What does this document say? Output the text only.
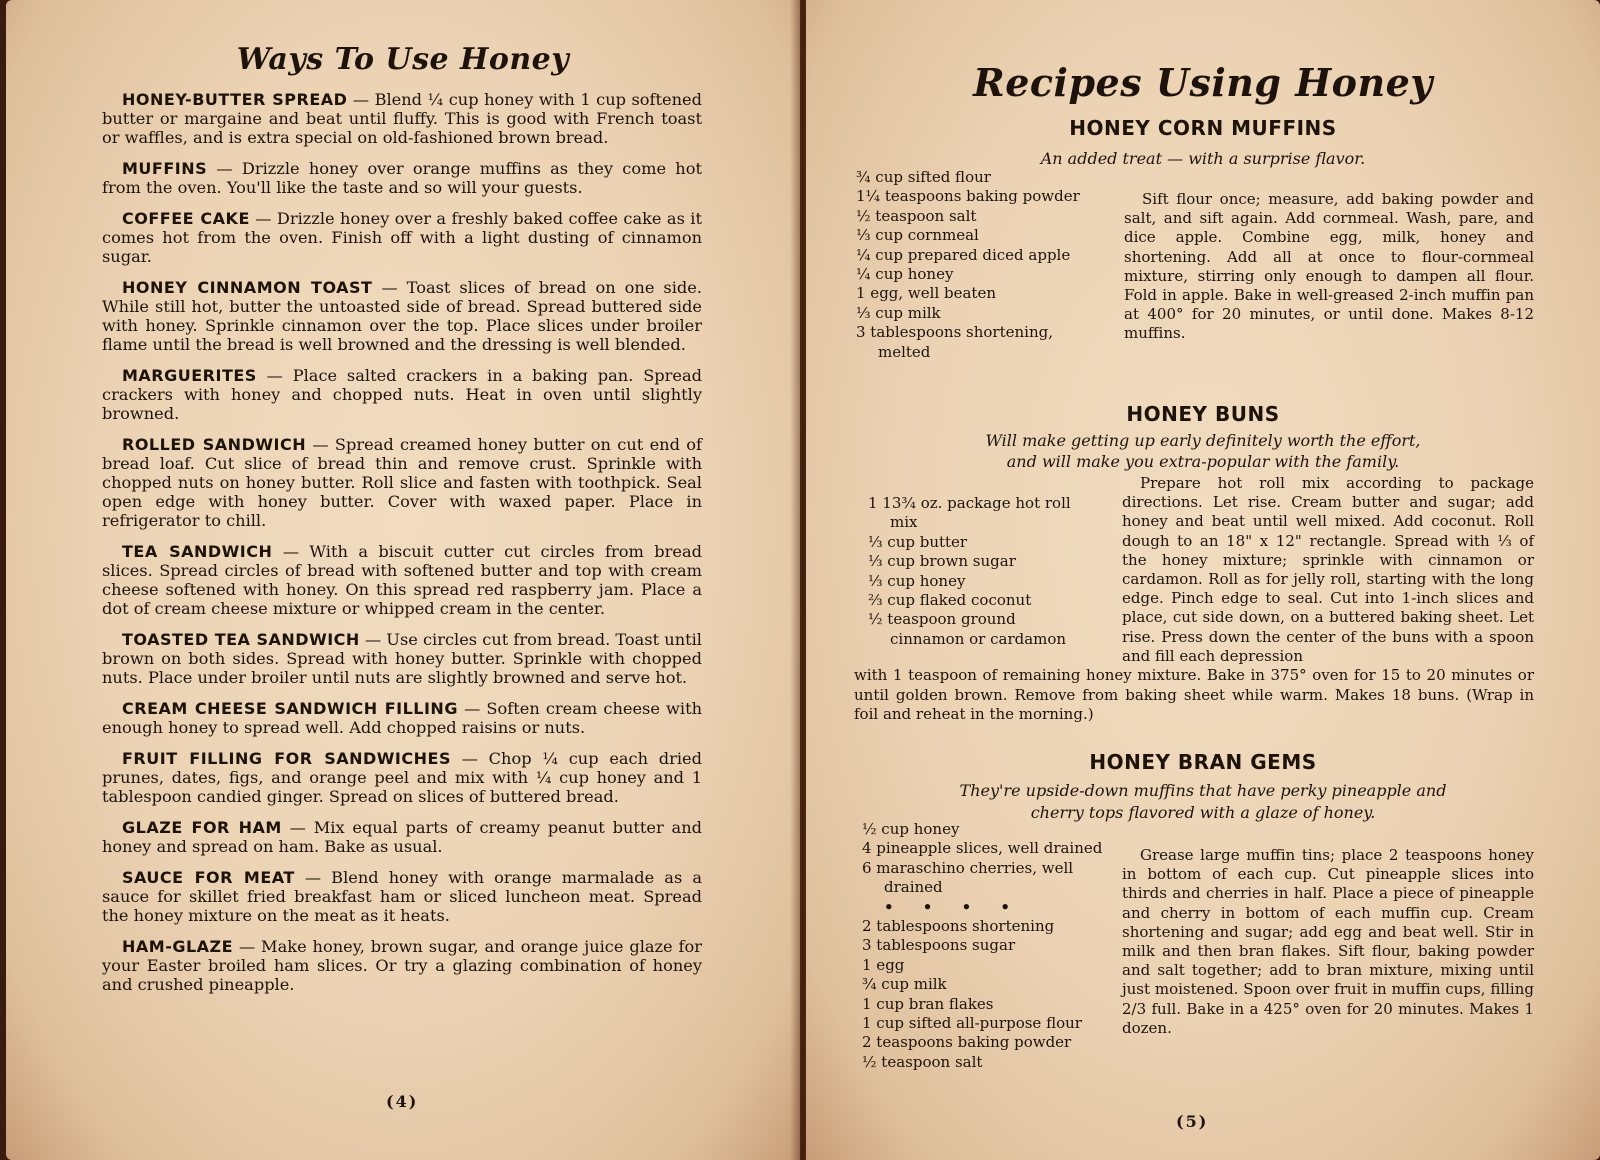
Ways To Use Honey

HONEY-BUTTER SPREAD — Blend ¼ cup honey with 1 cup softened butter or margaine and beat until fluffy. This is good with French toast or waffles, and is extra special on old-fashioned brown bread.

MUFFINS — Drizzle honey over orange muffins as they come hot from the oven. You'll like the taste and so will your guests.

COFFEE CAKE — Drizzle honey over a freshly baked coffee cake as it comes hot from the oven. Finish off with a light dusting of cinnamon sugar.

HONEY CINNAMON TOAST — Toast slices of bread on one side. While still hot, butter the untoasted side of bread. Spread buttered side with honey. Sprinkle cinnamon over the top. Place slices under broiler flame until the bread is well browned and the dressing is well blended.

MARGUERITES — Place salted crackers in a baking pan. Spread crackers with honey and chopped nuts. Heat in oven until slightly browned.

ROLLED SANDWICH — Spread creamed honey butter on cut end of bread loaf. Cut slice of bread thin and remove crust. Sprinkle with chopped nuts on honey butter. Roll slice and fasten with toothpick. Seal open edge with honey butter. Cover with waxed paper. Place in refrigerator to chill.

TEA SANDWICH — With a biscuit cutter cut circles from bread slices. Spread circles of bread with softened butter and top with cream cheese softened with honey. On this spread red raspberry jam. Place a dot of cream cheese mixture or whipped cream in the center.

TOASTED TEA SANDWICH — Use circles cut from bread. Toast until brown on both sides. Spread with honey butter. Sprinkle with chopped nuts. Place under broiler until nuts are slightly browned and serve hot.

CREAM CHEESE SANDWICH FILLING — Soften cream cheese with enough honey to spread well. Add chopped raisins or nuts.

FRUIT FILLING FOR SANDWICHES — Chop ¼ cup each dried prunes, dates, figs, and orange peel and mix with ¼ cup honey and 1 tablespoon candied ginger. Spread on slices of buttered bread.

GLAZE FOR HAM — Mix equal parts of creamy peanut butter and honey and spread on ham. Bake as usual.

SAUCE FOR MEAT — Blend honey with orange marmalade as a sauce for skillet fried breakfast ham or sliced luncheon meat. Spread the honey mixture on the meat as it heats.

HAM-GLAZE — Make honey, brown sugar, and orange juice glaze for your Easter broiled ham slices. Or try a glazing combination of honey and crushed pineapple.

(4)
Recipes Using Honey
HONEY CORN MUFFINS
An added treat — with a surprise flavor.
¾ cup sifted flour
1¼ teaspoons baking powder
½ teaspoon salt
⅓ cup cornmeal
¼ cup prepared diced apple
¼ cup honey
1 egg, well beaten
⅓ cup milk
3 tablespoons shortening, melted

Sift flour once; measure, add baking powder and salt, and sift again. Add cornmeal. Wash, pare, and dice apple. Combine egg, milk, honey and shortening. Add all at once to flour-cornmeal mixture, stirring only enough to dampen all flour. Fold in apple. Bake in well-greased 2-inch muffin pan at 400° for 20 minutes, or until done. Makes 8-12 muffins.

HONEY BUNS
Will make getting up early definitely worth the effort,
and will make you extra-popular with the family.
1 13¾ oz. package hot roll mix
⅓ cup butter
⅓ cup brown sugar
⅓ cup honey
⅔ cup flaked coconut
½ teaspoon ground cinnamon or cardamon

Prepare hot roll mix according to package directions. Let rise. Cream butter and sugar; add honey and beat until well mixed. Add coconut. Roll dough to an 18" x 12" rectangle. Spread with ⅓ of the honey mixture; sprinkle with cinnamon or cardamon. Roll as for jelly roll, starting with the long edge. Pinch edge to seal. Cut into 1-inch slices and place, cut side down, on a buttered baking sheet. Let rise. Press down the center of the buns with a spoon and fill each depression

with 1 teaspoon of remaining honey mixture. Bake in 375° oven for 15 to 20 minutes or until golden brown. Remove from baking sheet while warm. Makes 18 buns. (Wrap in foil and reheat in the morning.)

HONEY BRAN GEMS
They're upside-down muffins that have perky pineapple and
cherry tops flavored with a glaze of honey.
½ cup honey
4 pineapple slices, well drained
6 maraschino cherries, well drained
• • • •
2 tablespoons shortening
3 tablespoons sugar
1 egg
¾ cup milk
1 cup bran flakes
1 cup sifted all-purpose flour
2 teaspoons baking powder
½ teaspoon salt

Grease large muffin tins; place 2 teaspoons honey in bottom of each cup. Cut pineapple slices into thirds and cherries in half. Place a piece of pineapple and cherry in bottom of each muffin cup. Cream shortening and sugar; add egg and beat well. Stir in milk and then bran flakes. Sift flour, baking powder and salt together; add to bran mixture, mixing until just moistened. Spoon over fruit in muffin cups, filling 2/3 full. Bake in a 425° oven for 20 minutes. Makes 1 dozen.

(5)
